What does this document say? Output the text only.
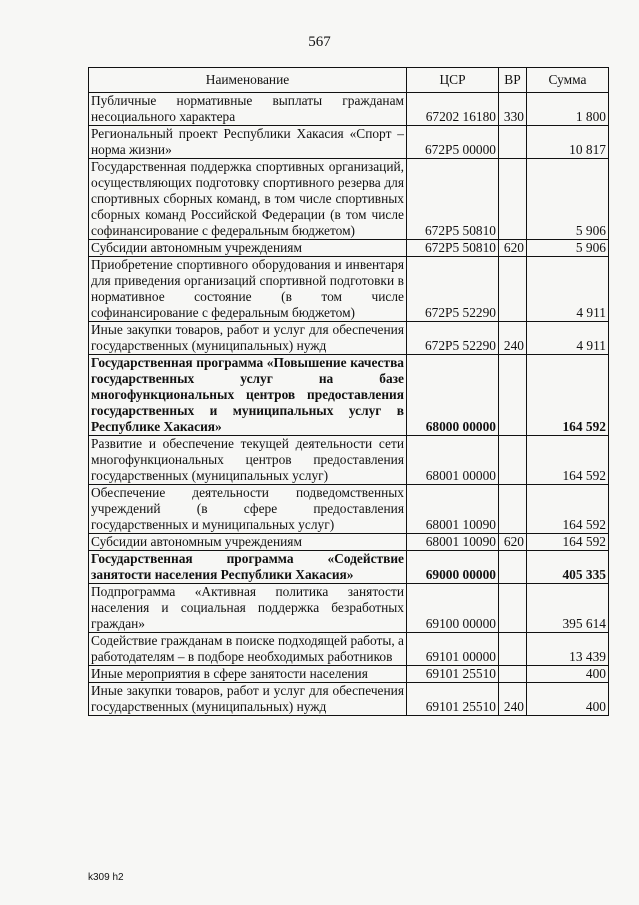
567
Наименование	ЦСР	ВР	Сумма
Публичные нормативные выплаты гражданам несоциального характера	67202 16180	330	1 800
Региональный проект Республики Хакасия «Спорт – норма жизни»	672P5 00000		10 817
Государственная поддержка спортивных организаций, осуществляющих подготовку спортивного резерва для спортивных сборных команд, в том числе спортивных сборных команд Российской Федерации (в том числе софинансирование с федеральным бюджетом)	672P5 50810		5 906
Субсидии автономным учреждениям	672P5 50810	620	5 906
Приобретение спортивного оборудования и инвентаря для приведения организаций спортивной подготовки в нормативное состояние (в том числе софинансирование с федеральным бюджетом)	672P5 52290		4 911
Иные закупки товаров, работ и услуг для обеспечения государственных (муниципальных) нужд	672P5 52290	240	4 911
Государственная программа «Повышение качества государственных услуг на базе многофункциональных центров предоставления государственных и муниципальных услуг в Республике Хакасия»	68000 00000		164 592
Развитие и обеспечение текущей деятельности сети многофункциональных центров предоставления государственных (муниципальных услуг)	68001 00000		164 592
Обеспечение деятельности подведомственных учреждений (в сфере предоставления государственных и муниципальных услуг)	68001 10090		164 592
Субсидии автономным учреждениям	68001 10090	620	164 592
Государственная программа «Содействие занятости населения Республики Хакасия»	69000 00000		405 335
Подпрограмма «Активная политика занятости населения и социальная поддержка безработных граждан»	69100 00000		395 614
Содействие гражданам в поиске подходящей работы, а работодателям – в подборе необходимых работников	69101 00000		13 439
Иные мероприятия в сфере занятости населения	69101 25510		400
Иные закупки товаров, работ и услуг для обеспечения государственных (муниципальных) нужд	69101 25510	240	400
k309 h2
